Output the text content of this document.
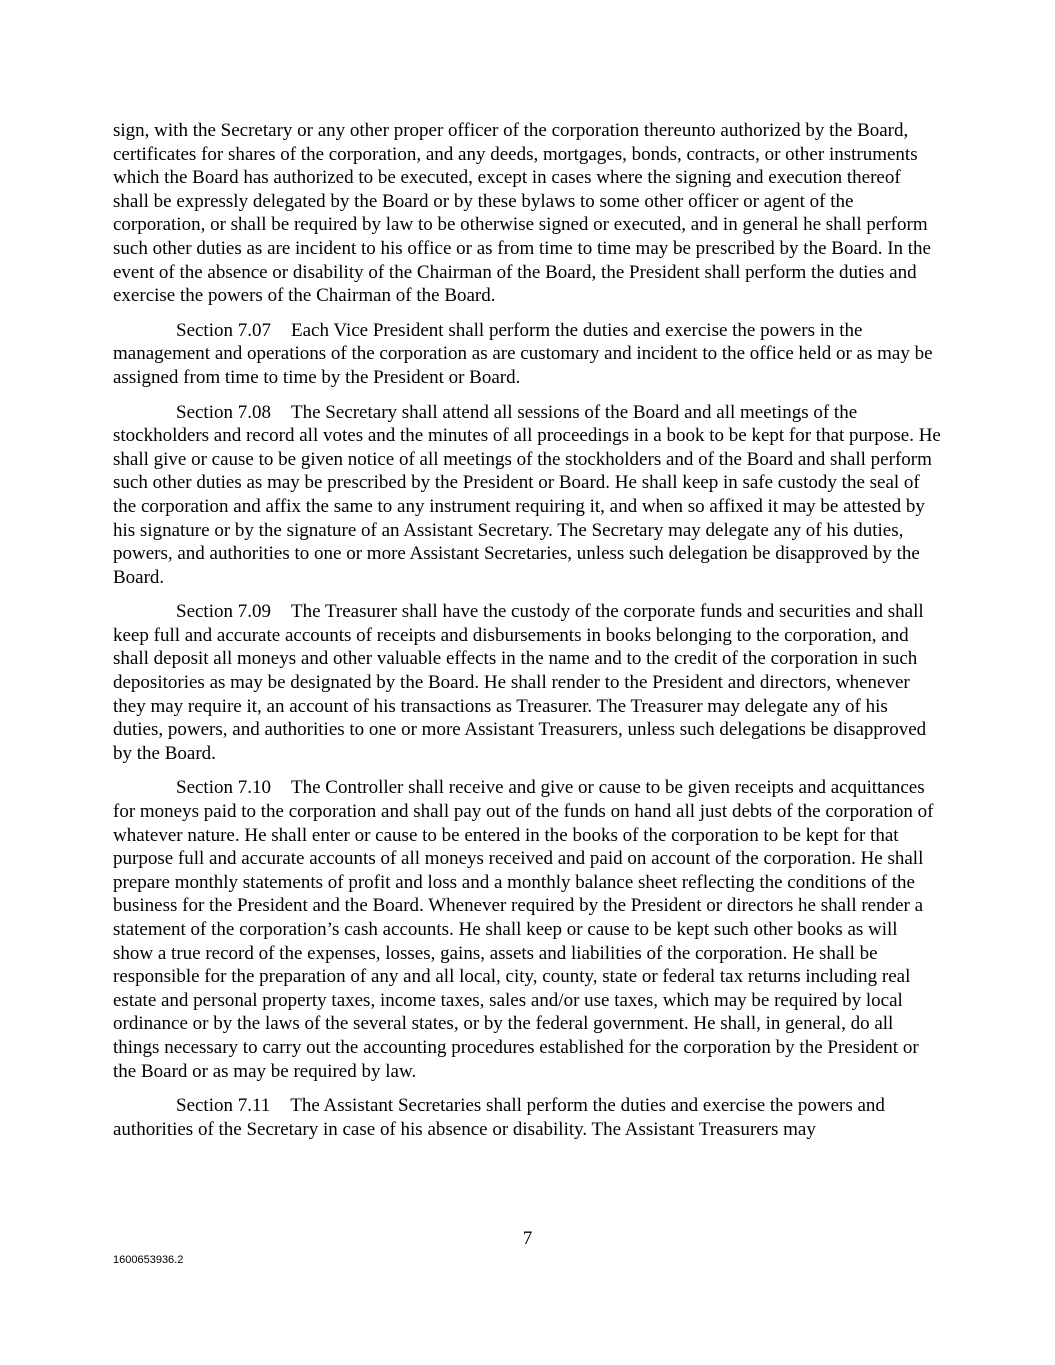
sign, with the Secretary or any other proper officer of the corporation thereunto authorized by the Board, certificates for shares of the corporation, and any deeds, mortgages, bonds, contracts, or other instruments which the Board has authorized to be executed, except in cases where the signing and execution thereof shall be expressly delegated by the Board or by these bylaws to some other officer or agent of the corporation, or shall be required by law to be otherwise signed or executed, and in general he shall perform such other duties as are incident to his office or as from time to time may be prescribed by the Board. In the event of the absence or disability of the Chairman of the Board, the President shall perform the duties and exercise the powers of the Chairman of the Board.

Section 7.07 Each Vice President shall perform the duties and exercise the powers in the management and operations of the corporation as are customary and incident to the office held or as may be assigned from time to time by the President or Board.

Section 7.08 The Secretary shall attend all sessions of the Board and all meetings of the stockholders and record all votes and the minutes of all proceedings in a book to be kept for that purpose. He shall give or cause to be given notice of all meetings of the stockholders and of the Board and shall perform such other duties as may be prescribed by the President or Board. He shall keep in safe custody the seal of the corporation and affix the same to any instrument requiring it, and when so affixed it may be attested by his signature or by the signature of an Assistant Secretary. The Secretary may delegate any of his duties, powers, and authorities to one or more Assistant Secretaries, unless such delegation be disapproved by the Board.

Section 7.09 The Treasurer shall have the custody of the corporate funds and securities and shall keep full and accurate accounts of receipts and disbursements in books belonging to the corporation, and shall deposit all moneys and other valuable effects in the name and to the credit of the corporation in such depositories as may be designated by the Board. He shall render to the President and directors, whenever they may require it, an account of his transactions as Treasurer. The Treasurer may delegate any of his duties, powers, and authorities to one or more Assistant Treasurers, unless such delegations be disapproved by the Board.

Section 7.10 The Controller shall receive and give or cause to be given receipts and acquittances for moneys paid to the corporation and shall pay out of the funds on hand all just debts of the corporation of whatever nature. He shall enter or cause to be entered in the books of the corporation to be kept for that purpose full and accurate accounts of all moneys received and paid on account of the corporation. He shall prepare monthly statements of profit and loss and a monthly balance sheet reflecting the conditions of the business for the President and the Board. Whenever required by the President or directors he shall render a statement of the corporation’s cash accounts. He shall keep or cause to be kept such other books as will show a true record of the expenses, losses, gains, assets and liabilities of the corporation. He shall be responsible for the preparation of any and all local, city, county, state or federal tax returns including real estate and personal property taxes, income taxes, sales and/or use taxes, which may be required by local ordinance or by the laws of the several states, or by the federal government. He shall, in general, do all things necessary to carry out the accounting procedures established for the corporation by the President or the Board or as may be required by law.

Section 7.11 The Assistant Secretaries shall perform the duties and exercise the powers and authorities of the Secretary in case of his absence or disability. The Assistant Treasurers may

7
1600653936.2
